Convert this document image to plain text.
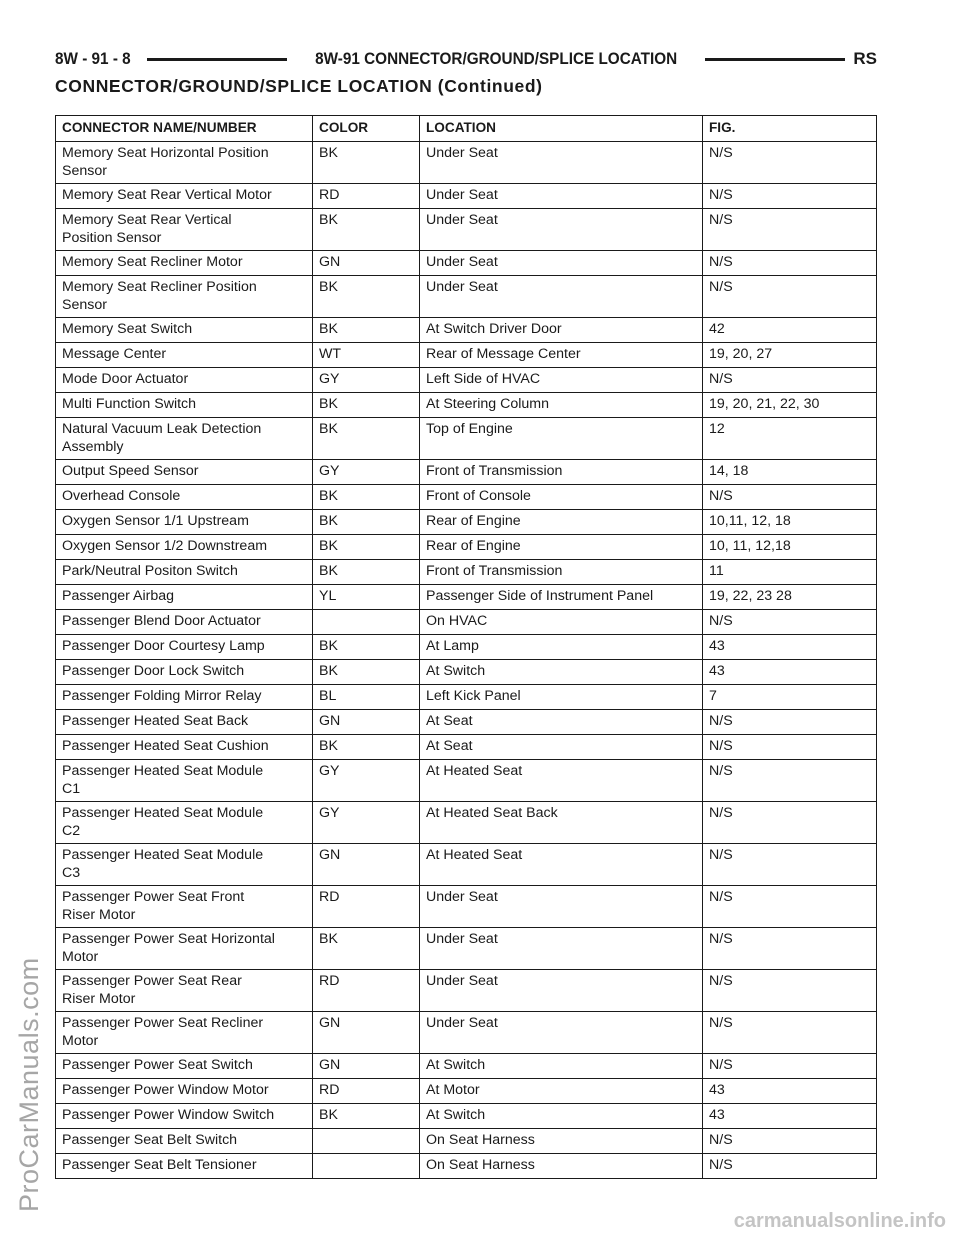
8W - 91 - 8	8W-91 CONNECTOR/GROUND/SPLICE LOCATION	RS
CONNECTOR/GROUND/SPLICE LOCATION (Continued)
CONNECTOR NAME/NUMBER	COLOR	LOCATION	FIG.
Memory Seat Horizontal Position
Sensor	BK	Under Seat	N/S
Memory Seat Rear Vertical Motor	RD	Under Seat	N/S
Memory Seat Rear Vertical
Position Sensor	BK	Under Seat	N/S
Memory Seat Recliner Motor	GN	Under Seat	N/S
Memory Seat Recliner Position
Sensor	BK	Under Seat	N/S
Memory Seat Switch	BK	At Switch Driver Door	42
Message Center	WT	Rear of Message Center	19, 20, 27
Mode Door Actuator	GY	Left Side of HVAC	N/S
Multi Function Switch	BK	At Steering Column	19, 20, 21, 22, 30
Natural Vacuum Leak Detection
Assembly	BK	Top of Engine	12
Output Speed Sensor	GY	Front of Transmission	14, 18
Overhead Console	BK	Front of Console	N/S
Oxygen Sensor 1/1 Upstream	BK	Rear of Engine	10,11, 12, 18
Oxygen Sensor 1/2 Downstream	BK	Rear of Engine	10, 11, 12,18
Park/Neutral Positon Switch	BK	Front of Transmission	11
Passenger Airbag	YL	Passenger Side of Instrument Panel	19, 22, 23 28
Passenger Blend Door Actuator		On HVAC	N/S
Passenger Door Courtesy Lamp	BK	At Lamp	43
Passenger Door Lock Switch	BK	At Switch	43
Passenger Folding Mirror Relay	BL	Left Kick Panel	7
Passenger Heated Seat Back	GN	At Seat	N/S
Passenger Heated Seat Cushion	BK	At Seat	N/S
Passenger Heated Seat Module
C1	GY	At Heated Seat	N/S
Passenger Heated Seat Module
C2	GY	At Heated Seat Back	N/S
Passenger Heated Seat Module
C3	GN	At Heated Seat	N/S
Passenger Power Seat Front
Riser Motor	RD	Under Seat	N/S
Passenger Power Seat Horizontal
Motor	BK	Under Seat	N/S
Passenger Power Seat Rear
Riser Motor	RD	Under Seat	N/S
Passenger Power Seat Recliner
Motor	GN	Under Seat	N/S
Passenger Power Seat Switch	GN	At Switch	N/S
Passenger Power Window Motor	RD	At Motor	43
Passenger Power Window Switch	BK	At Switch	43
Passenger Seat Belt Switch		On Seat Harness	N/S
Passenger Seat Belt Tensioner		On Seat Harness	N/S
ProCarManuals.com
carmanualsonline.info
